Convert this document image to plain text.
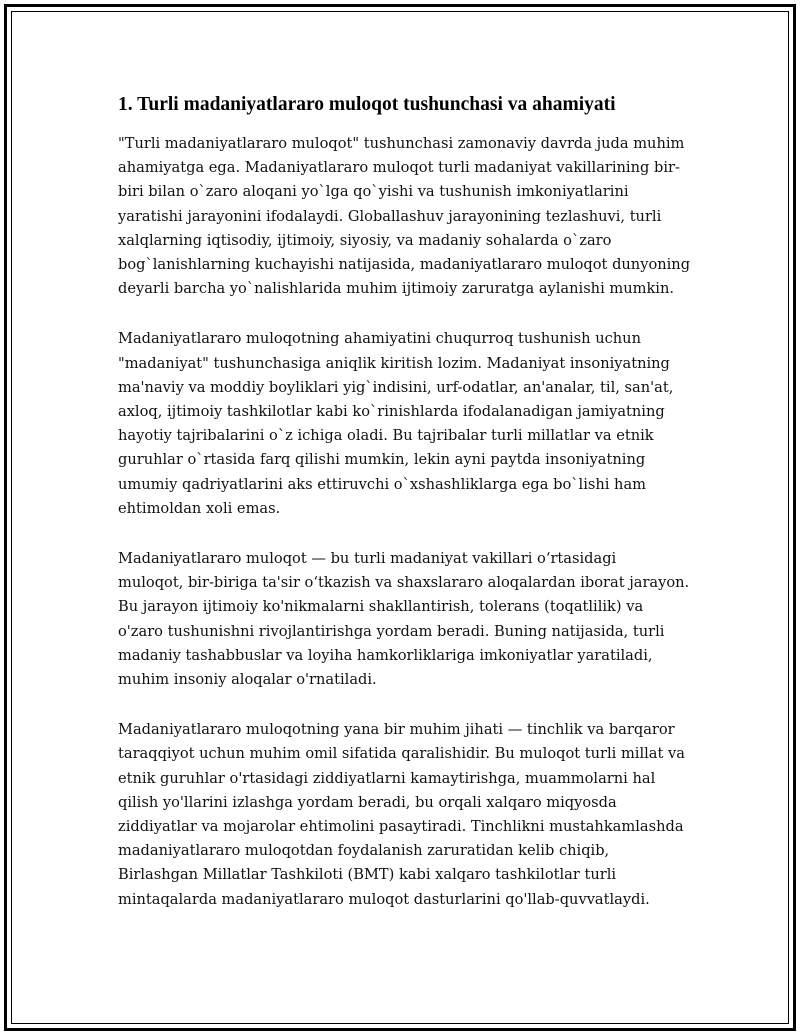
1. Turli madaniyatlararo muloqot tushunchasi va ahamiyati

"Turli madaniyatlararo muloqot" tushunchasi zamonaviy davrda juda muhim
ahamiyatga ega. Madaniyatlararo muloqot turli madaniyat vakillarining bir-
biri bilan o`zaro aloqani yo`lga qo`yishi va tushunish imkoniyatlarini
yaratishi jarayonini ifodalaydi. Globallashuv jarayonining tezlashuvi, turli
xalqlarning iqtisodiy, ijtimoiy, siyosiy, va madaniy sohalarda o`zaro
bog`lanishlarning kuchayishi natijasida, madaniyatlararo muloqot dunyoning
deyarli barcha yo`nalishlarida muhim ijtimoiy zaruratga aylanishi mumkin.

Madaniyatlararo muloqotning ahamiyatini chuqurroq tushunish uchun
"madaniyat" tushunchasiga aniqlik kiritish lozim. Madaniyat insoniyatning
ma'naviy va moddiy boyliklari yig`indisini, urf-odatlar, an'analar, til, san'at,
axloq, ijtimoiy tashkilotlar kabi ko`rinishlarda ifodalanadigan jamiyatning
hayotiy tajribalarini o`z ichiga oladi. Bu tajribalar turli millatlar va etnik
guruhlar o`rtasida farq qilishi mumkin, lekin ayni paytda insoniyatning
umumiy qadriyatlarini aks ettiruvchi o`xshashliklarga ega bo`lishi ham
ehtimoldan xoli emas.

Madaniyatlararo muloqot — bu turli madaniyat vakillari o‘rtasidagi
muloqot, bir-biriga ta'sir o‘tkazish va shaxslararo aloqalardan iborat jarayon.
Bu jarayon ijtimoiy ko'nikmalarni shakllantirish, tolerans (toqatlilik) va
o'zaro tushunishni rivojlantirishga yordam beradi. Buning natijasida, turli
madaniy tashabbuslar va loyiha hamkorliklariga imkoniyatlar yaratiladi,
muhim insoniy aloqalar o'rnatiladi.

Madaniyatlararo muloqotning yana bir muhim jihati — tinchlik va barqaror
taraqqiyot uchun muhim omil sifatida qaralishidir. Bu muloqot turli millat va
etnik guruhlar o'rtasidagi ziddiyatlarni kamaytirishga, muammolarni hal
qilish yo'llarini izlashga yordam beradi, bu orqali xalqaro miqyosda
ziddiyatlar va mojarolar ehtimolini pasaytiradi. Tinchlikni mustahkamlashda
madaniyatlararo muloqotdan foydalanish zaruratidan kelib chiqib,
Birlashgan Millatlar Tashkiloti (BMT) kabi xalqaro tashkilotlar turli
mintaqalarda madaniyatlararo muloqot dasturlarini qo'llab-quvvatlaydi.
